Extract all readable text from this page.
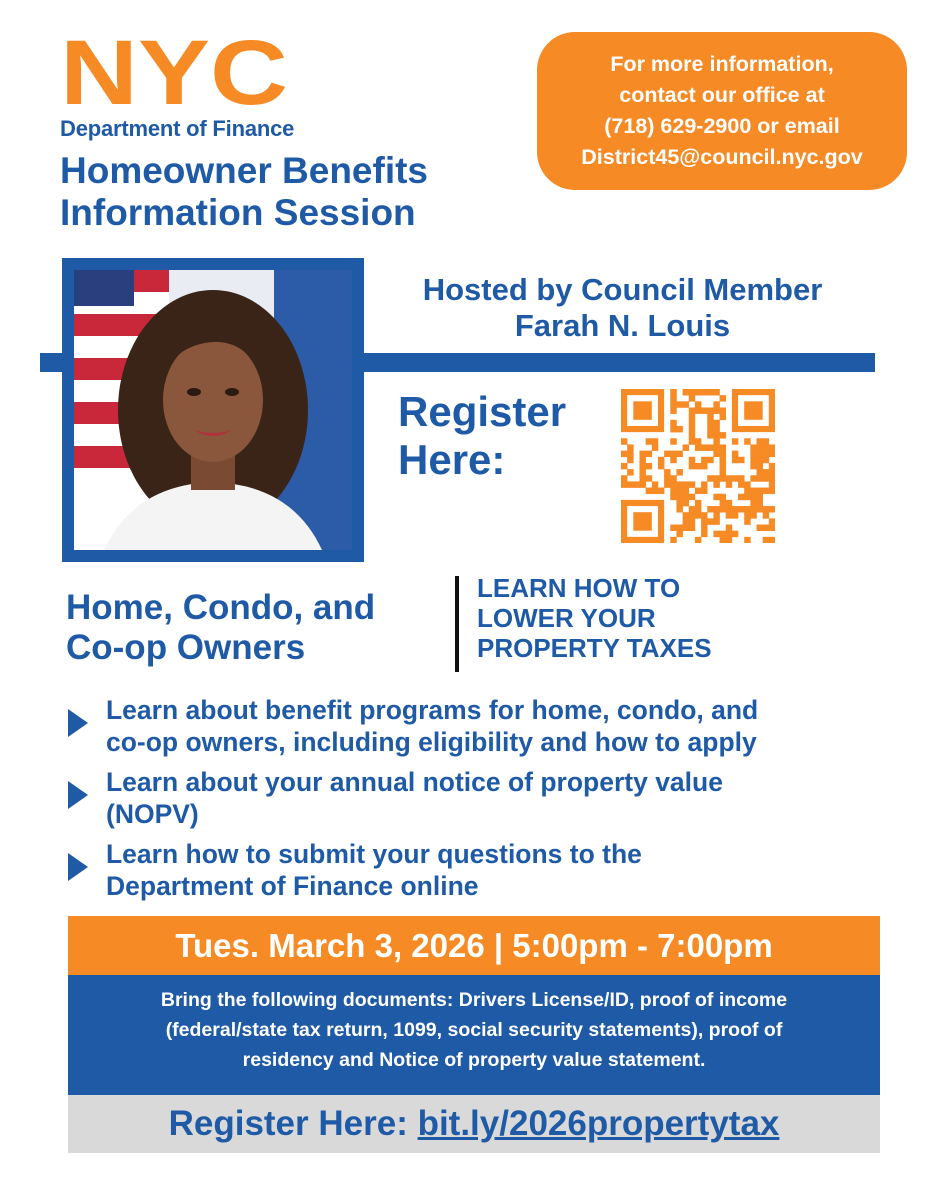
NYC
Department of Finance
Homeowner Benefits
Information Session
For more information,
contact our office at
(718) 629-2900 or email
District45@council.nyc.gov
Hosted by Council Member
Farah N. Louis
Register
Here:
Home, Condo, and
Co-op Owners
LEARN HOW TO
LOWER YOUR
PROPERTY TAXES
Learn about benefit programs for home, condo, and
co-op owners, including eligibility and how to apply
Learn about your annual notice of property value
(NOPV)
Learn how to submit your questions to the
Department of Finance online
Tues. March 3, 2026 | 5:00pm - 7:00pm
Bring the following documents: Drivers License/ID, proof of income
(federal/state tax return, 1099, social security statements), proof of
residency and Notice of property value statement.
Register Here: bit.ly/2026propertytax
